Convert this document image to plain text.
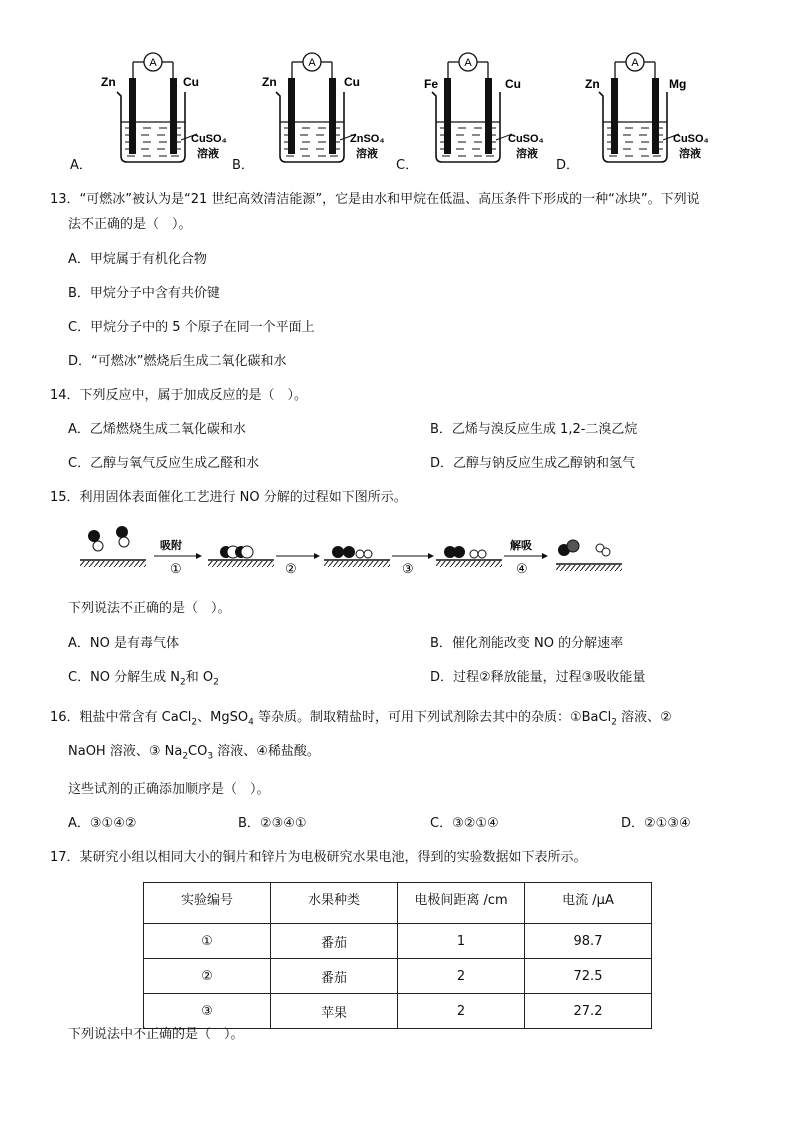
A
Zn	Cu
CuSO₄
溶液
A
Zn	Cu
ZnSO₄
溶液
A
Fe	Cu
CuSO₄
溶液
A
Zn	Mg
CuSO₄
溶液
A．	B．	C．	D．
13．“可燃冰”被认为是“21 世纪高效清洁能源”，它是由水和甲烷在低温、高压条件下形成的一种“冰块”。下列说
法不正确的是（　）。
A．甲烷属于有机化合物
B．甲烷分子中含有共价键
C．甲烷分子中的 5 个原子在同一个平面上
D．“可燃冰”燃烧后生成二氧化碳和水
14．下列反应中，属于加成反应的是（　）。
A．乙烯燃烧生成二氧化碳和水	B．乙烯与溴反应生成 1,2-二溴乙烷
C．乙醇与氧气反应生成乙醛和水	D．乙醇与钠反应生成乙醇钠和氢气
15．利用固体表面催化工艺进行 NO 分解的过程如下图所示。
吸附
①	②	③
解吸
④
下列说法不正确的是（　）。
A．NO 是有毒气体	B．催化剂能改变 NO 的分解速率
C．NO 分解生成 $N_2$和 $O_2$	D．过程②释放能量，过程③吸收能量
16．粗盐中常含有 CaCl$_2$、MgSO$_4$ 等杂质。制取精盐时，可用下列试剂除去其中的杂质：①BaCl$_2$ 溶液、②
NaOH 溶液、③ $Na_2CO_3$ 溶液、④稀盐酸。
这些试剂的正确添加顺序是（　）。
A．③①④②	B．②③④①	C．③②①④	D．②①③④
17．某研究小组以相同大小的铜片和锌片为电极研究水果电池，得到的实验数据如下表所示。
实验编号	水果种类	电极间距离 /cm	电流 /μA
①	番茄	1	98.7
②	番茄	2	72.5
③	苹果	2	27.2
下列说法中不正确的是（　）。
